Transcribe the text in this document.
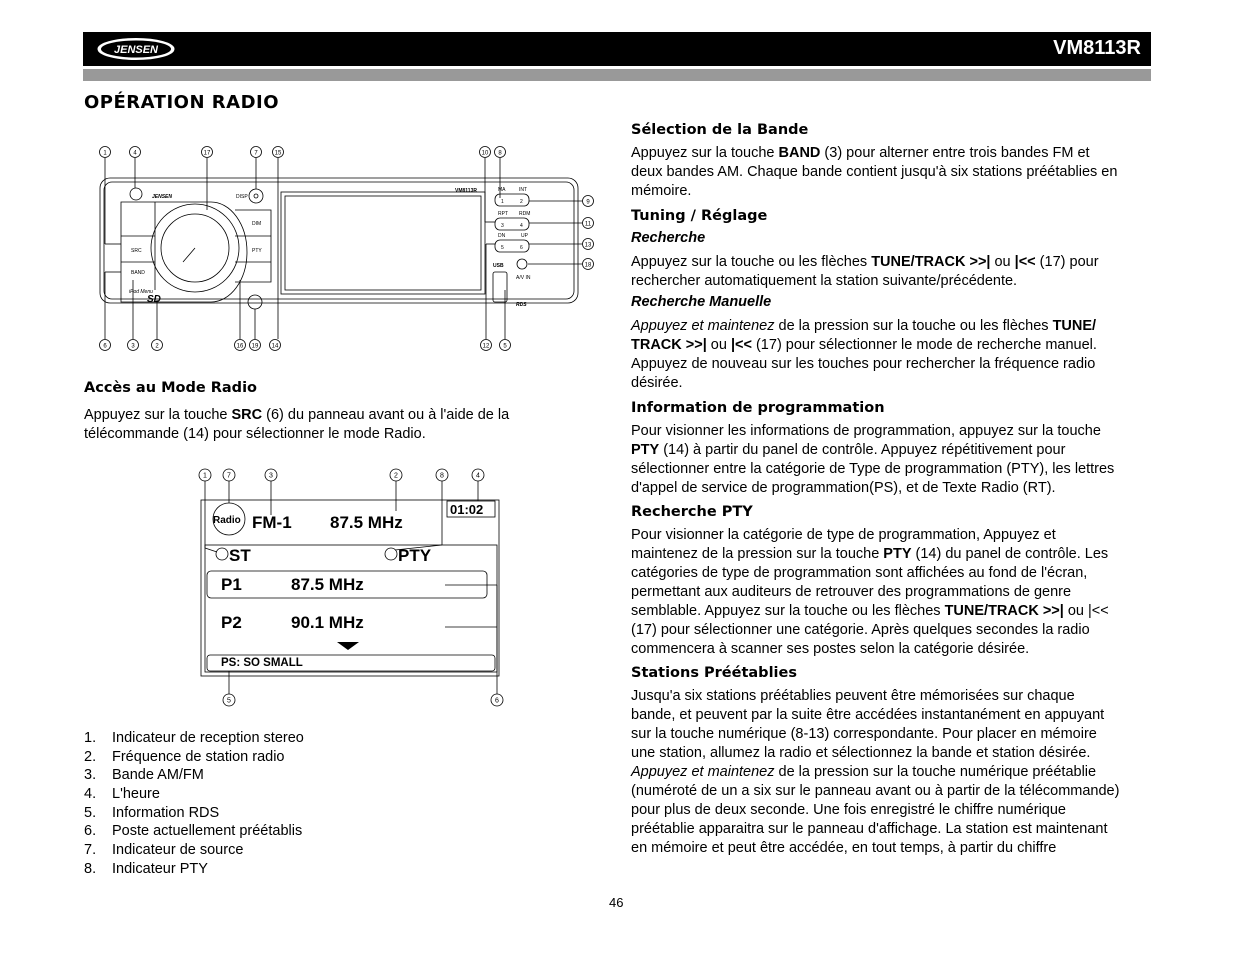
JENSEN	VM8113R
OPÉRATION RADIO
1	4	17	7	15	10 8
6	3	2	16 19 14	12 5
9
11
13
18
JENSEN	DISP
DIM
SRC	PTY
BAND
iPod Menu
VM8113R	MA	INT
RPT RDM
DN	UP
1	2
3	4
5	6
USB
A/V IN
RDS
SD
Accès au Mode Radio

Appuyez sur la touche SRC (6) du panneau avant ou à l'aide de la
télécommande (14) pour sélectionner le mode Radio.

1	7	3	2	8	4
5	6
Radio FM-1 87.5 MHz
01:02
ST	PTY
P1	87.5 MHz
P2	90.1 MHz
PS: SO SMALL
1. Indicateur de reception stereo
2. Fréquence de station radio
3. Bande AM/FM
4. L'heure
5. Information RDS
6. Poste actuellement préétablis
7. Indicateur de source
8. Indicateur PTY
Sélection de la Bande

Appuyez sur la touche BAND (3) pour alterner entre trois bandes FM et
deux bandes AM. Chaque bande contient jusqu'à six stations préétablies en
mémoire.

Tuning / Réglage
Recherche

Appuyez sur la touche ou les flèches TUNE/TRACK >>| ou |<< (17) pour
rechercher automatiquement la station suivante/précédente.

Recherche Manuelle

Appuyez et maintenez de la pression sur la touche ou les flèches TUNE/
TRACK >>| ou |<< (17) pour sélectionner le mode de recherche manuel.
Appuyez de nouveau sur les touches pour rechercher la fréquence radio
désirée.

Information de programmation

Pour visionner les informations de programmation, appuyez sur la touche
PTY (14) à partir du panel de contrôle. Appuyez répétitivement pour
sélectionner entre la catégorie de Type de programmation (PTY), les lettres
d'appel de service de programmation(PS), et de Texte Radio (RT).

Recherche PTY

Pour visionner la catégorie de type de programmation, Appuyez et
maintenez de la pression sur la touche PTY (14) du panel de contrôle. Les
catégories de type de programmation sont affichées au fond de l'écran,
permettant aux auditeurs de retrouver des programmations de genre
semblable. Appuyez sur la touche ou les flèches TUNE/TRACK >>| ou |<<
(17) pour sélectionner une catégorie. Après quelques secondes la radio
commencera à scanner ses postes selon la catégorie désirée.

Stations Préétablies

Jusqu'a six stations préétablies peuvent être mémorisées sur chaque
bande, et peuvent par la suite être accédées instantanément en appuyant
sur la touche numérique (8-13) correspondante. Pour placer en mémoire
une station, allumez la radio et sélectionnez la bande et station désirée.
Appuyez et maintenez de la pression sur la touche numérique préétablie
(numéroté de un a six sur le panneau avant ou à partir de la télécommande)
pour plus de deux seconde. Une fois enregistré le chiffre numérique
préétablie apparaitra sur le panneau d'affichage. La station est maintenant
en mémoire et peut être accédée, en tout temps, à partir du chiffre

46
